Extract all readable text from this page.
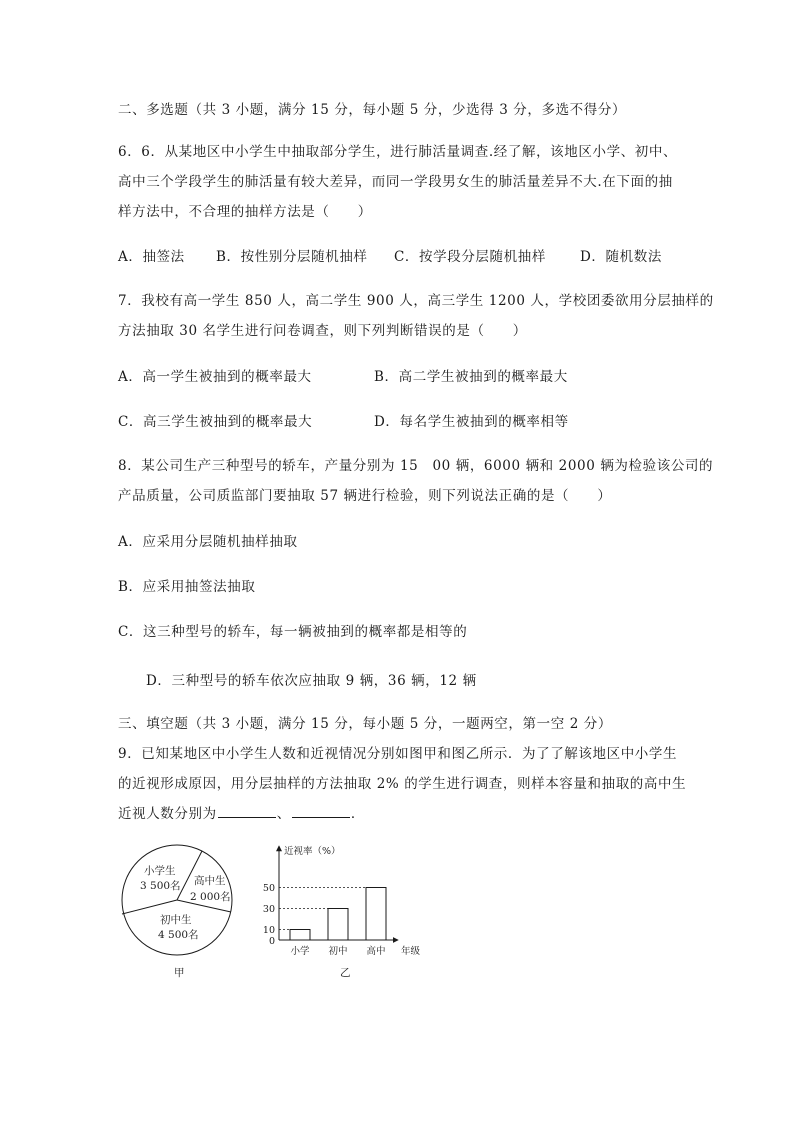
二、多选题（共 3 小题，满分 15 分，每小题 5 分，少选得 3 分，多选不得分）
6．6．从某地区中小学生中抽取部分学生，进行肺活量调查.经了解，该地区小学、初中、
高中三个学段学生的肺活量有较大差异，而同一学段男女生的肺活量差异不大.在下面的抽
样方法中，不合理的抽样方法是（　　）
A．抽签法 B．按性别分层随机抽样 C．按学段分层随机抽样	D．随机数法
7．我校有高一学生 850 人，高二学生 900 人，高三学生 1200 人，学校团委欲用分层抽样的
方法抽取 30 名学生进行问卷调查，则下列判断错误的是（　　）
A．高一学生被抽到的概率最大	B．高二学生被抽到的概率最大
C．高三学生被抽到的概率最大	D．每名学生被抽到的概率相等
8．某公司生产三种型号的轿车，产量分别为 15　00 辆，6000 辆和 2000 辆为检验该公司的
产品质量，公司质监部门要抽取 57 辆进行检验，则下列说法正确的是（　　）
A．应采用分层随机抽样抽取
B．应采用抽签法抽取
C．这三种型号的轿车，每一辆被抽到的概率都是相等的
D．三种型号的轿车依次应抽取 9 辆，36 辆，12 辆
三、填空题（共 3 小题，满分 15 分，每小题 5 分，一题两空，第一空 2 分）
9．已知某地区中小学生人数和近视情况分别如图甲和图乙所示．为了了解该地区中小学生
的近视形成原因，用分层抽样的方法抽取 2% 的学生进行调查，则样本容量和抽取的高中生
近视人数分别为	、	．
小学生
3 500名 高中生
2 000名
初中生
4 500名
甲
近视率（%）
年级
10
小学
30
初中
50
高中
0
乙
